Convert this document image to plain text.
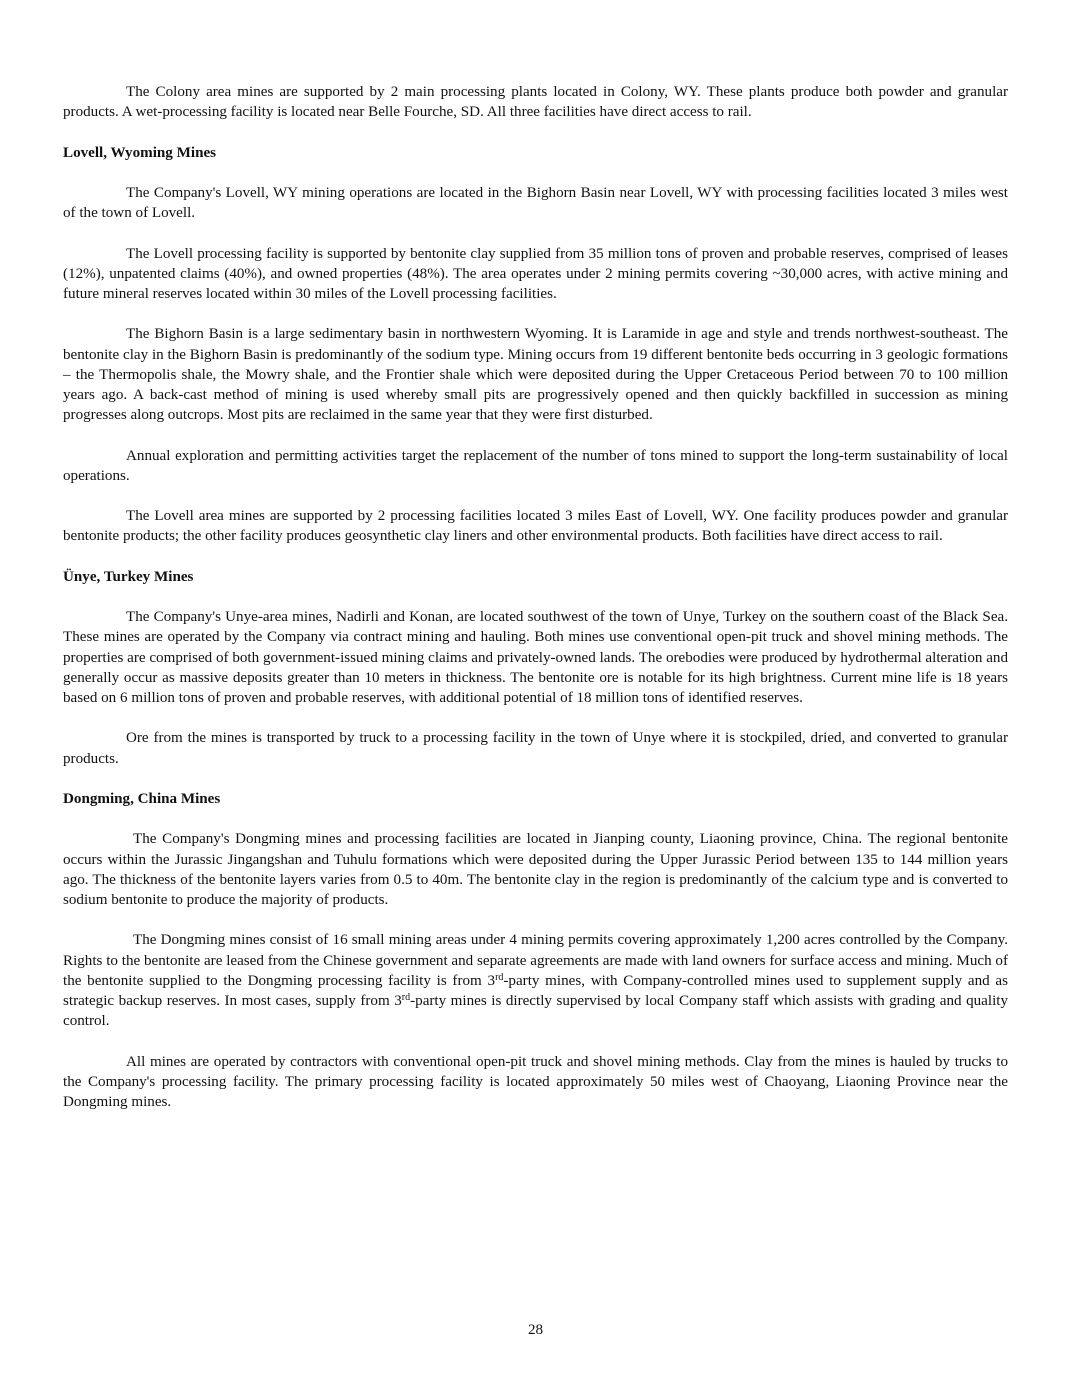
The Colony area mines are supported by 2 main processing plants located in Colony, WY. These plants produce both powder and granular products. A wet-processing facility is located near Belle Fourche, SD. All three facilities have direct access to rail.

Lovell, Wyoming Mines

The Company's Lovell, WY mining operations are located in the Bighorn Basin near Lovell, WY with processing facilities located 3 miles west of the town of Lovell.

The Lovell processing facility is supported by bentonite clay supplied from 35 million tons of proven and probable reserves, comprised of leases (12%), unpatented claims (40%), and owned properties (48%). The area operates under 2 mining permits covering ~30,000 acres, with active mining and future mineral reserves located within 30 miles of the Lovell processing facilities.

The Bighorn Basin is a large sedimentary basin in northwestern Wyoming. It is Laramide in age and style and trends northwest-southeast. The bentonite clay in the Bighorn Basin is predominantly of the sodium type. Mining occurs from 19 different bentonite beds occurring in 3 geologic formations – the Thermopolis shale, the Mowry shale, and the Frontier shale which were deposited during the Upper Cretaceous Period between 70 to 100 million years ago. A back-cast method of mining is used whereby small pits are progressively opened and then quickly backfilled in succession as mining progresses along outcrops. Most pits are reclaimed in the same year that they were first disturbed.

Annual exploration and permitting activities target the replacement of the number of tons mined to support the long-term sustainability of local operations.

The Lovell area mines are supported by 2 processing facilities located 3 miles East of Lovell, WY. One facility produces powder and granular bentonite products; the other facility produces geosynthetic clay liners and other environmental products. Both facilities have direct access to rail.

Ünye, Turkey Mines

The Company's Unye-area mines, Nadirli and Konan, are located southwest of the town of Unye, Turkey on the southern coast of the Black Sea. These mines are operated by the Company via contract mining and hauling. Both mines use conventional open-pit truck and shovel mining methods. The properties are comprised of both government-issued mining claims and privately-owned lands. The orebodies were produced by hydrothermal alteration and generally occur as massive deposits greater than 10 meters in thickness. The bentonite ore is notable for its high brightness. Current mine life is 18 years based on 6 million tons of proven and probable reserves, with additional potential of 18 million tons of identified reserves.

Ore from the mines is transported by truck to a processing facility in the town of Unye where it is stockpiled, dried, and converted to granular products.

Dongming, China Mines

The Company's Dongming mines and processing facilities are located in Jianping county, Liaoning province, China. The regional bentonite occurs within the Jurassic Jingangshan and Tuhulu formations which were deposited during the Upper Jurassic Period between 135 to 144 million years ago. The thickness of the bentonite layers varies from 0.5 to 40m. The bentonite clay in the region is predominantly of the calcium type and is converted to sodium bentonite to produce the majority of products.

The Dongming mines consist of 16 small mining areas under 4 mining permits covering approximately 1,200 acres controlled by the Company. Rights to the bentonite are leased from the Chinese government and separate agreements are made with land owners for surface access and mining. Much of the bentonite supplied to the Dongming processing facility is from 3rd-party mines, with Company-controlled mines used to supplement supply and as strategic backup reserves. In most cases, supply from 3rd-party mines is directly supervised by local Company staff which assists with grading and quality control.

All mines are operated by contractors with conventional open-pit truck and shovel mining methods. Clay from the mines is hauled by trucks to the Company's processing facility. The primary processing facility is located approximately 50 miles west of Chaoyang, Liaoning Province near the Dongming mines.

28
